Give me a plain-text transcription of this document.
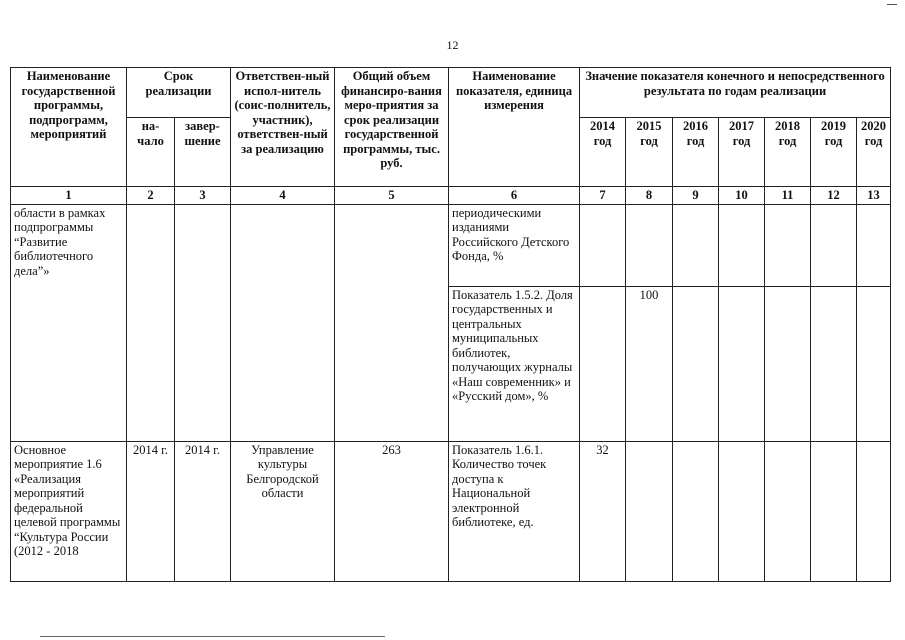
12
Наименование государственной программы, подпрограмм, мероприятий	Срок реализации		Ответствен-ный испол-нитель (соис-полнитель, участник), ответствен-ный за реализацию	Общий объем финансиро-вания меро-приятия за срок реализации государственной программы, тыс. руб.	Наименование показателя, единица измерения	Значение показателя конечного и непосредственного результата по годам реализации						
	на-чало	завер-шение				2014 год	2015 год	2016 год	2017 год	2018 год	2019 год	2020 год
1	2	3	4	5	6	7	8	9	10	11	12	13
области в рамках подпрограммы “Развитие библиотечного дела”»					периодическими изданиями Российского Детского Фонда, %							
					Показатель 1.5.2. Доля государственных и центральных муниципальных библиотек, получающих журналы «Наш современник» и «Русский дом», %		100					
Основное мероприятие 1.6 «Реализация мероприятий федеральной целевой программы “Культура России (2012 - 2018	2014 г.	2014 г.	Управление культуры Белгородской области	263	Показатель 1.6.1. Количество точек доступа к Национальной электронной библиотеке, ед.	32						
